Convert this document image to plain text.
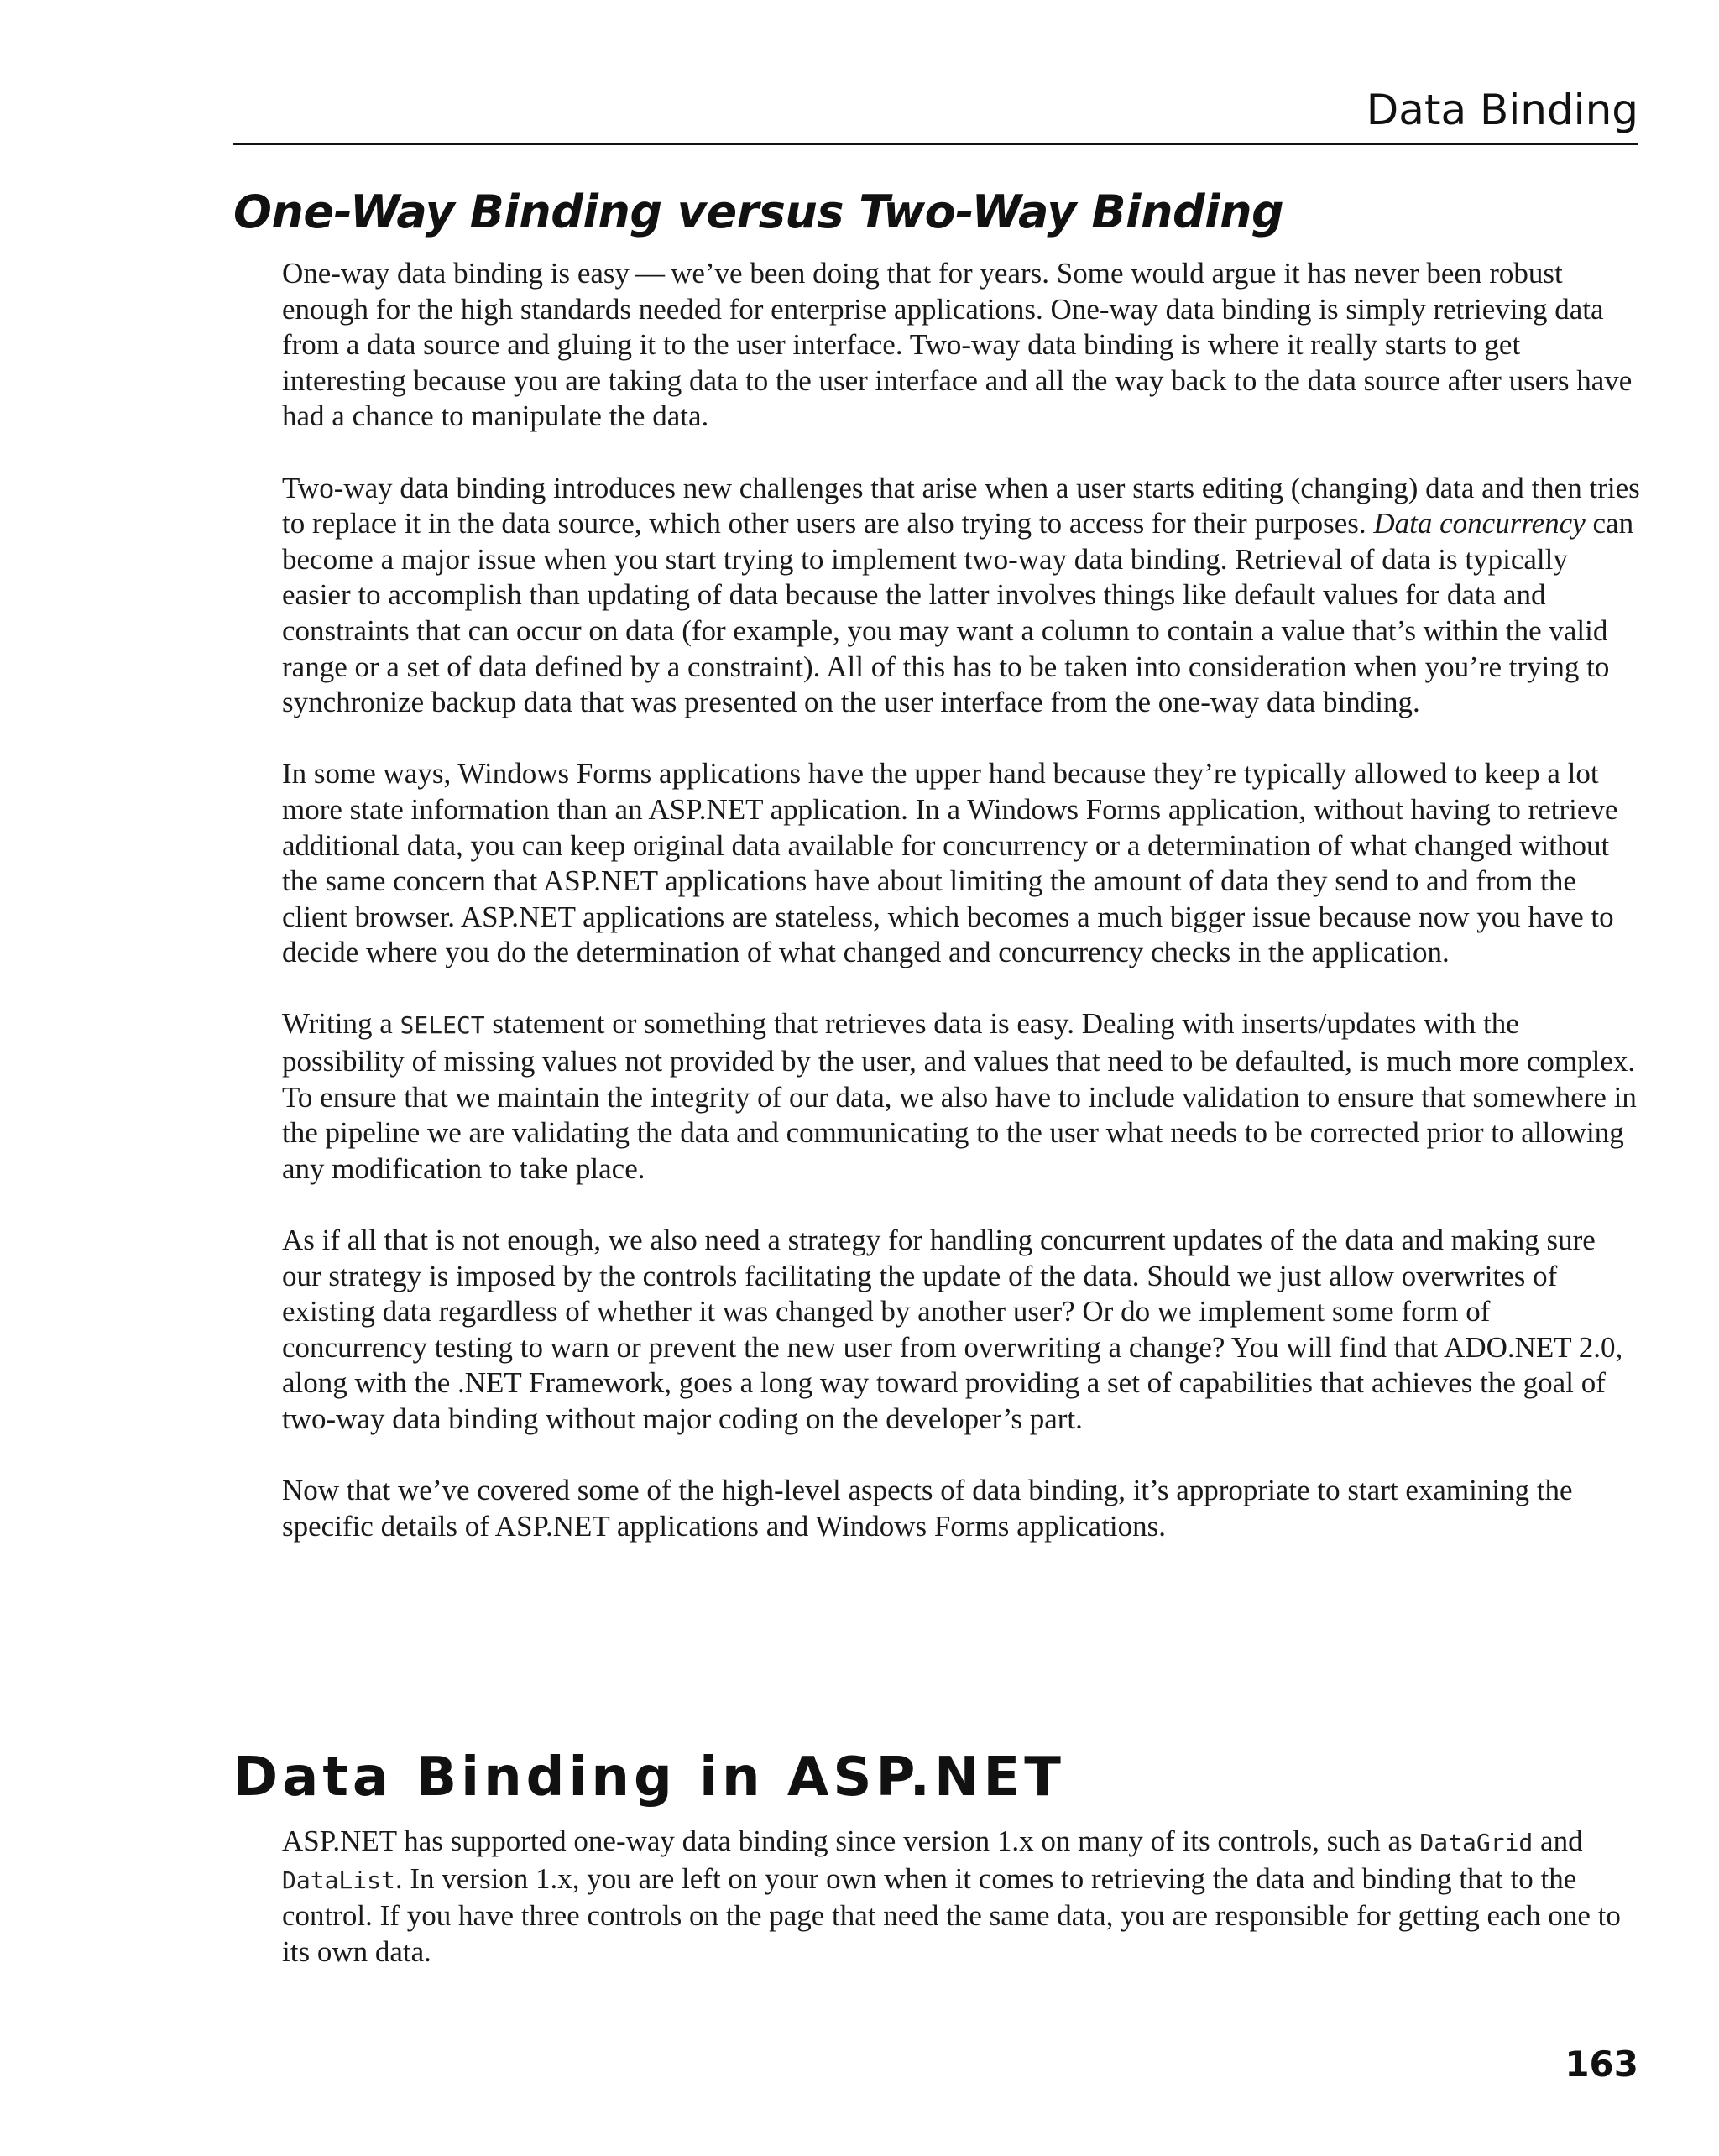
Data Binding
One-Way Binding versus Two-Way Binding

One-way data binding is easy — we’ve been doing that for years. Some would argue it has never been robust enough for the high standards needed for enterprise applications. One-way data binding is simply retrieving data from a data source and gluing it to the user interface. Two-way data binding is where it really starts to get interesting because you are taking data to the user interface and all the way back to the data source after users have had a chance to manipulate the data.

Two-way data binding introduces new challenges that arise when a user starts editing (changing) data and then tries to replace it in the data source, which other users are also trying to access for their purposes. Data concurrency can become a major issue when you start trying to implement two-way data binding. Retrieval of data is typically easier to accomplish than updating of data because the latter involves things like default values for data and constraints that can occur on data (for example, you may want a column to contain a value that’s within the valid range or a set of data defined by a constraint). All of this has to be taken into consideration when you’re trying to synchronize backup data that was presented on the user interface from the one-way data binding.

In some ways, Windows Forms applications have the upper hand because they’re typically allowed to keep a lot more state information than an ASP.NET application. In a Windows Forms application, without having to retrieve additional data, you can keep original data available for concurrency or a determination of what changed without the same concern that ASP.NET applications have about limiting the amount of data they send to and from the client browser. ASP.NET applications are stateless, which becomes a much bigger issue because now you have to decide where you do the determination of what changed and concurrency checks in the application.

Writing a SELECT statement or something that retrieves data is easy. Dealing with inserts/updates with the possibility of missing values not provided by the user, and values that need to be defaulted, is much more complex. To ensure that we maintain the integrity of our data, we also have to include validation to ensure that somewhere in the pipeline we are validating the data and communicating to the user what needs to be corrected prior to allowing any modification to take place.

As if all that is not enough, we also need a strategy for handling concurrent updates of the data and making sure our strategy is imposed by the controls facilitating the update of the data. Should we just allow overwrites of existing data regardless of whether it was changed by another user? Or do we implement some form of concurrency testing to warn or prevent the new user from overwriting a change? You will find that ADO.NET 2.0, along with the .NET Framework, goes a long way toward providing a set of capabilities that achieves the goal of two-way data binding without major coding on the developer’s part.

Now that we’ve covered some of the high-level aspects of data binding, it’s appropriate to start examining the specific details of ASP.NET applications and Windows Forms applications.

Data Binding in ASP.NET

ASP.NET has supported one-way data binding since version 1.x on many of its controls, such as DataGrid and DataList. In version 1.x, you are left on your own when it comes to retrieving the data and binding that to the control. If you have three controls on the page that need the same data, you are responsible for getting each one to its own data.

163
